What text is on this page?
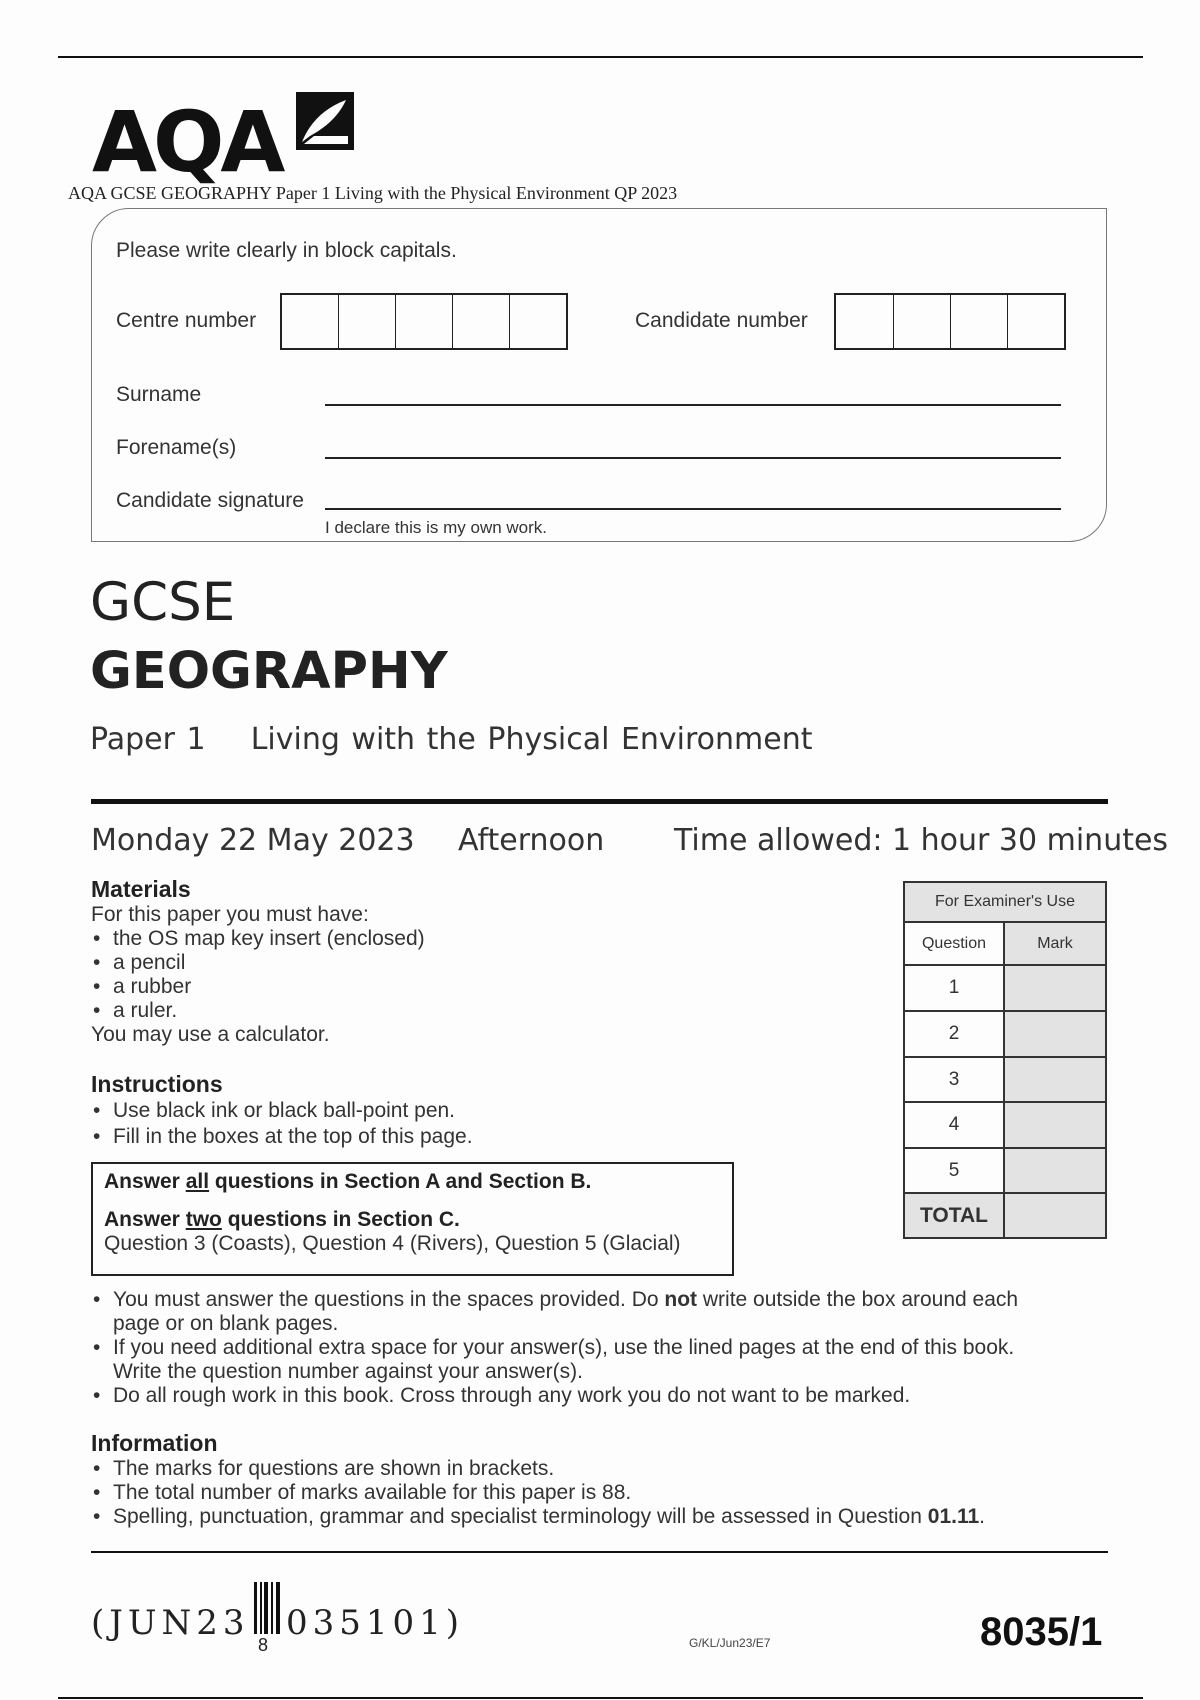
AQA
AQA GCSE GEOGRAPHY Paper 1 Living with the Physical Environment QP 2023
Please write clearly in block capitals.
Centre number	Candidate number
Surname
Forename(s)
Candidate signature
I declare this is my own work.
GCSE
GEOGRAPHY
Paper 1 Living with the Physical Environment
Monday 22 May 2023 Afternoon Time allowed: 1 hour 30 minutes
Materials
For this paper you must have:
• the OS map key insert (enclosed)
• a pencil
• a rubber
• a ruler.
You may use a calculator.
Instructions
• Use black ink or black ball-point pen.
• Fill in the boxes at the top of this page.
Answer all questions in Section A and Section B.
Answer two questions in Section C.
Question 3 (Coasts), Question 4 (Rivers), Question 5 (Glacial)
• You must answer the questions in the spaces provided. Do not write outside the box around each
page or on blank pages.
• If you need additional extra space for your answer(s), use the lined pages at the end of this book.
Write the question number against your answer(s).
• Do all rough work in this book. Cross through any work you do not want to be marked.
Information
• The marks for questions are shown in brackets.
• The total number of marks available for this paper is 88.
• Spelling, punctuation, grammar and specialist terminology will be assessed in Question 01.11.
For Examiner's Use	
Question	Mark
1	
2	
3	
4	
5	
TOTAL	
(JUN23
8
035101)	G/KL/Jun23/E7	8035/1
